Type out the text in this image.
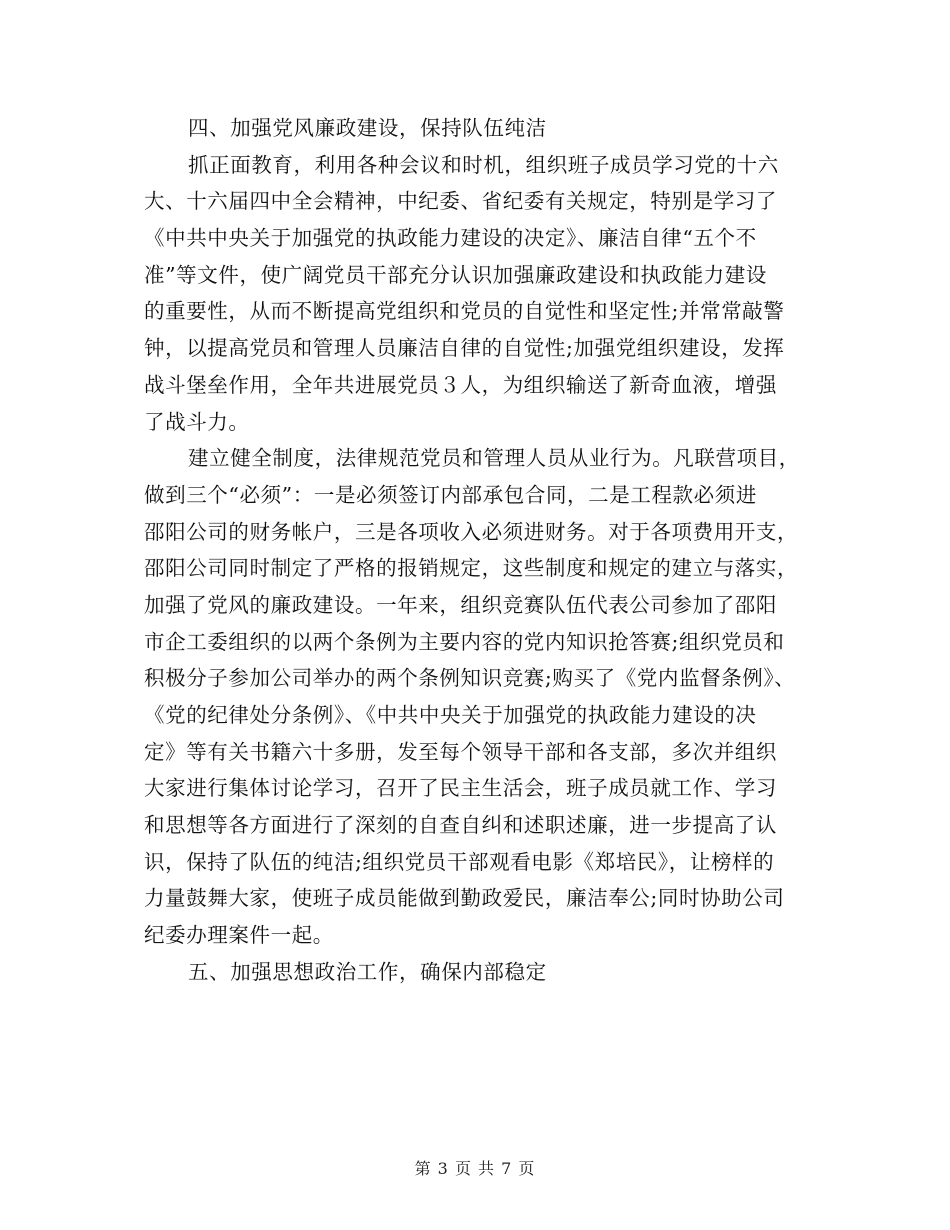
四、加强党风廉政建设，保持队伍纯洁
抓正面教育，利用各种会议和时机，组织班子成员学习党的十六
大、十六届四中全会精神，中纪委、省纪委有关规定，特别是学习了
《中共中央关于加强党的执政能力建设的决定》、廉洁自律“五个不
准”等文件，使广阔党员干部充分认识加强廉政建设和执政能力建设
的重要性，从而不断提高党组织和党员的自觉性和坚定性;并常常敲警
钟，以提高党员和管理人员廉洁自律的自觉性;加强党组织建设，发挥
战斗堡垒作用，全年共进展党员３人，为组织输送了新奇血液，增强
了战斗力。
建立健全制度，法律规范党员和管理人员从业行为。凡联营项目，
做到三个“必须”：一是必须签订内部承包合同，二是工程款必须进
邵阳公司的财务帐户，三是各项收入必须进财务。对于各项费用开支，
邵阳公司同时制定了严格的报销规定，这些制度和规定的建立与落实，
加强了党风的廉政建设。一年来，组织竞赛队伍代表公司参加了邵阳
市企工委组织的以两个条例为主要内容的党内知识抢答赛;组织党员和
积极分子参加公司举办的两个条例知识竞赛;购买了《党内监督条例》、
《党的纪律处分条例》、《中共中央关于加强党的执政能力建设的决
定》等有关书籍六十多册，发至每个领导干部和各支部，多次并组织
大家进行集体讨论学习，召开了民主生活会，班子成员就工作、学习
和思想等各方面进行了深刻的自查自纠和述职述廉，进一步提高了认
识，保持了队伍的纯洁;组织党员干部观看电影《郑培民》，让榜样的
力量鼓舞大家，使班子成员能做到勤政爱民，廉洁奉公;同时协助公司
纪委办理案件一起。
五、加强思想政治工作，确保内部稳定
第 3 页 共 7 页
